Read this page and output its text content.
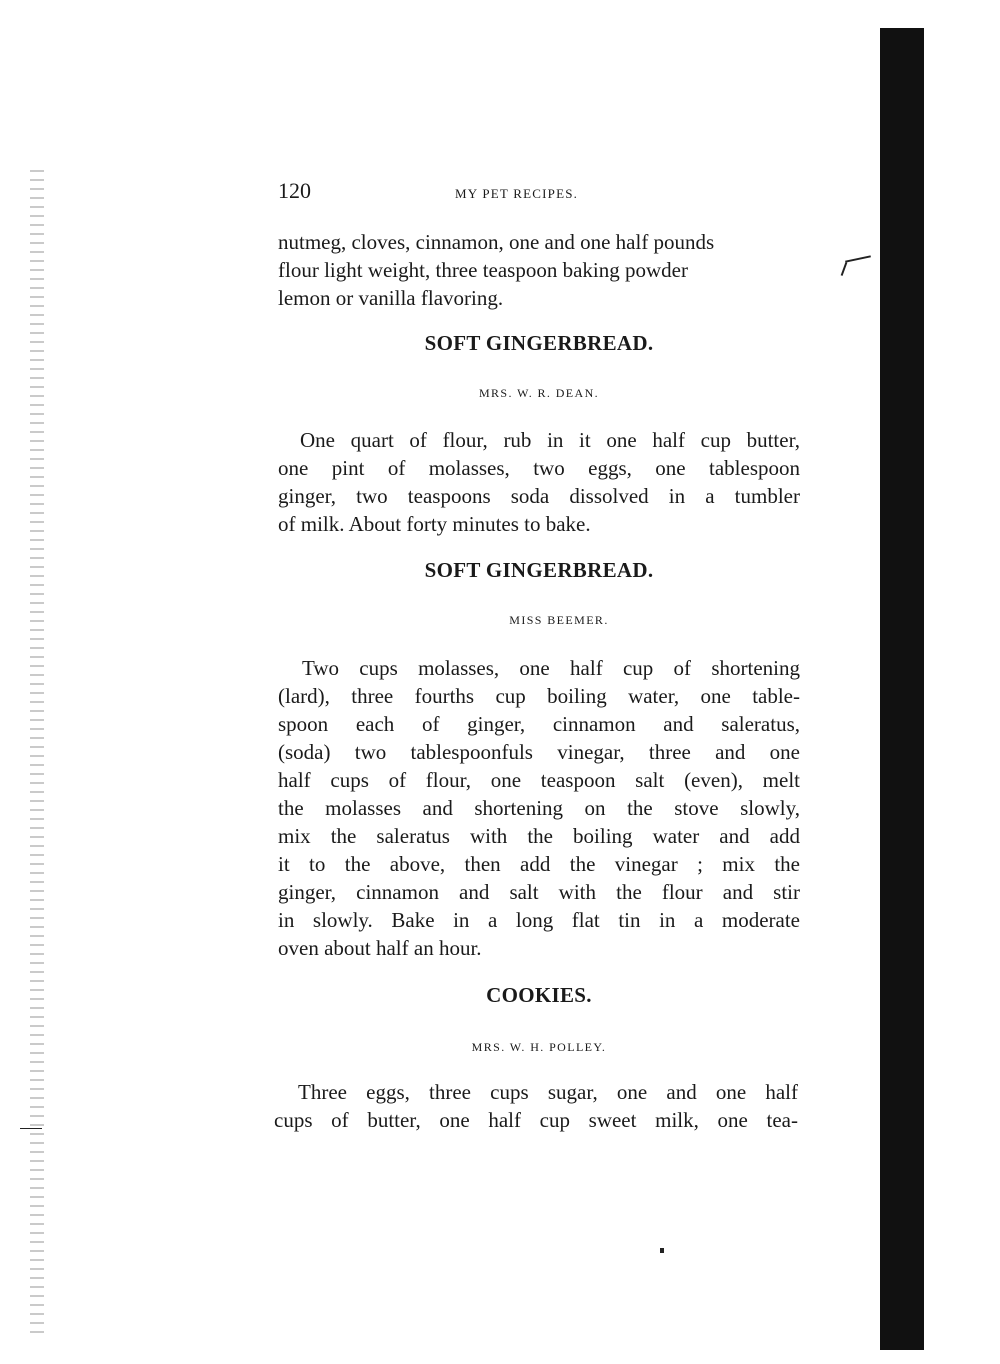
120	MY PET RECIPES.

nutmeg, cloves, cinnamon, one and one half pounds
flour light weight, three teaspoon baking powder
lemon or vanilla flavoring.

SOFT GINGERBREAD.
MRS. W. R. DEAN.

One quart of flour, rub in it one half cup butter,
one pint of molasses, two eggs, one tablespoon
ginger, two teaspoons soda dissolved in a tumbler
of milk. About forty minutes to bake.

SOFT GINGERBREAD.
MISS BEEMER.

Two cups molasses, one half cup of shortening
(lard), three fourths cup boiling water, one table-
spoon each of ginger, cinnamon and saleratus,
(soda) two tablespoonfuls vinegar, three and one
half cups of flour, one teaspoon salt (even), melt
the molasses and shortening on the stove slowly,
mix the saleratus with the boiling water and add
it to the above, then add the vinegar ; mix the
ginger, cinnamon and salt with the flour and stir
in slowly. Bake in a long flat tin in a moderate
oven about half an hour.

COOKIES.
MRS. W. H. POLLEY.

Three eggs, three cups sugar, one and one half
cups of butter, one half cup sweet milk, one tea-
